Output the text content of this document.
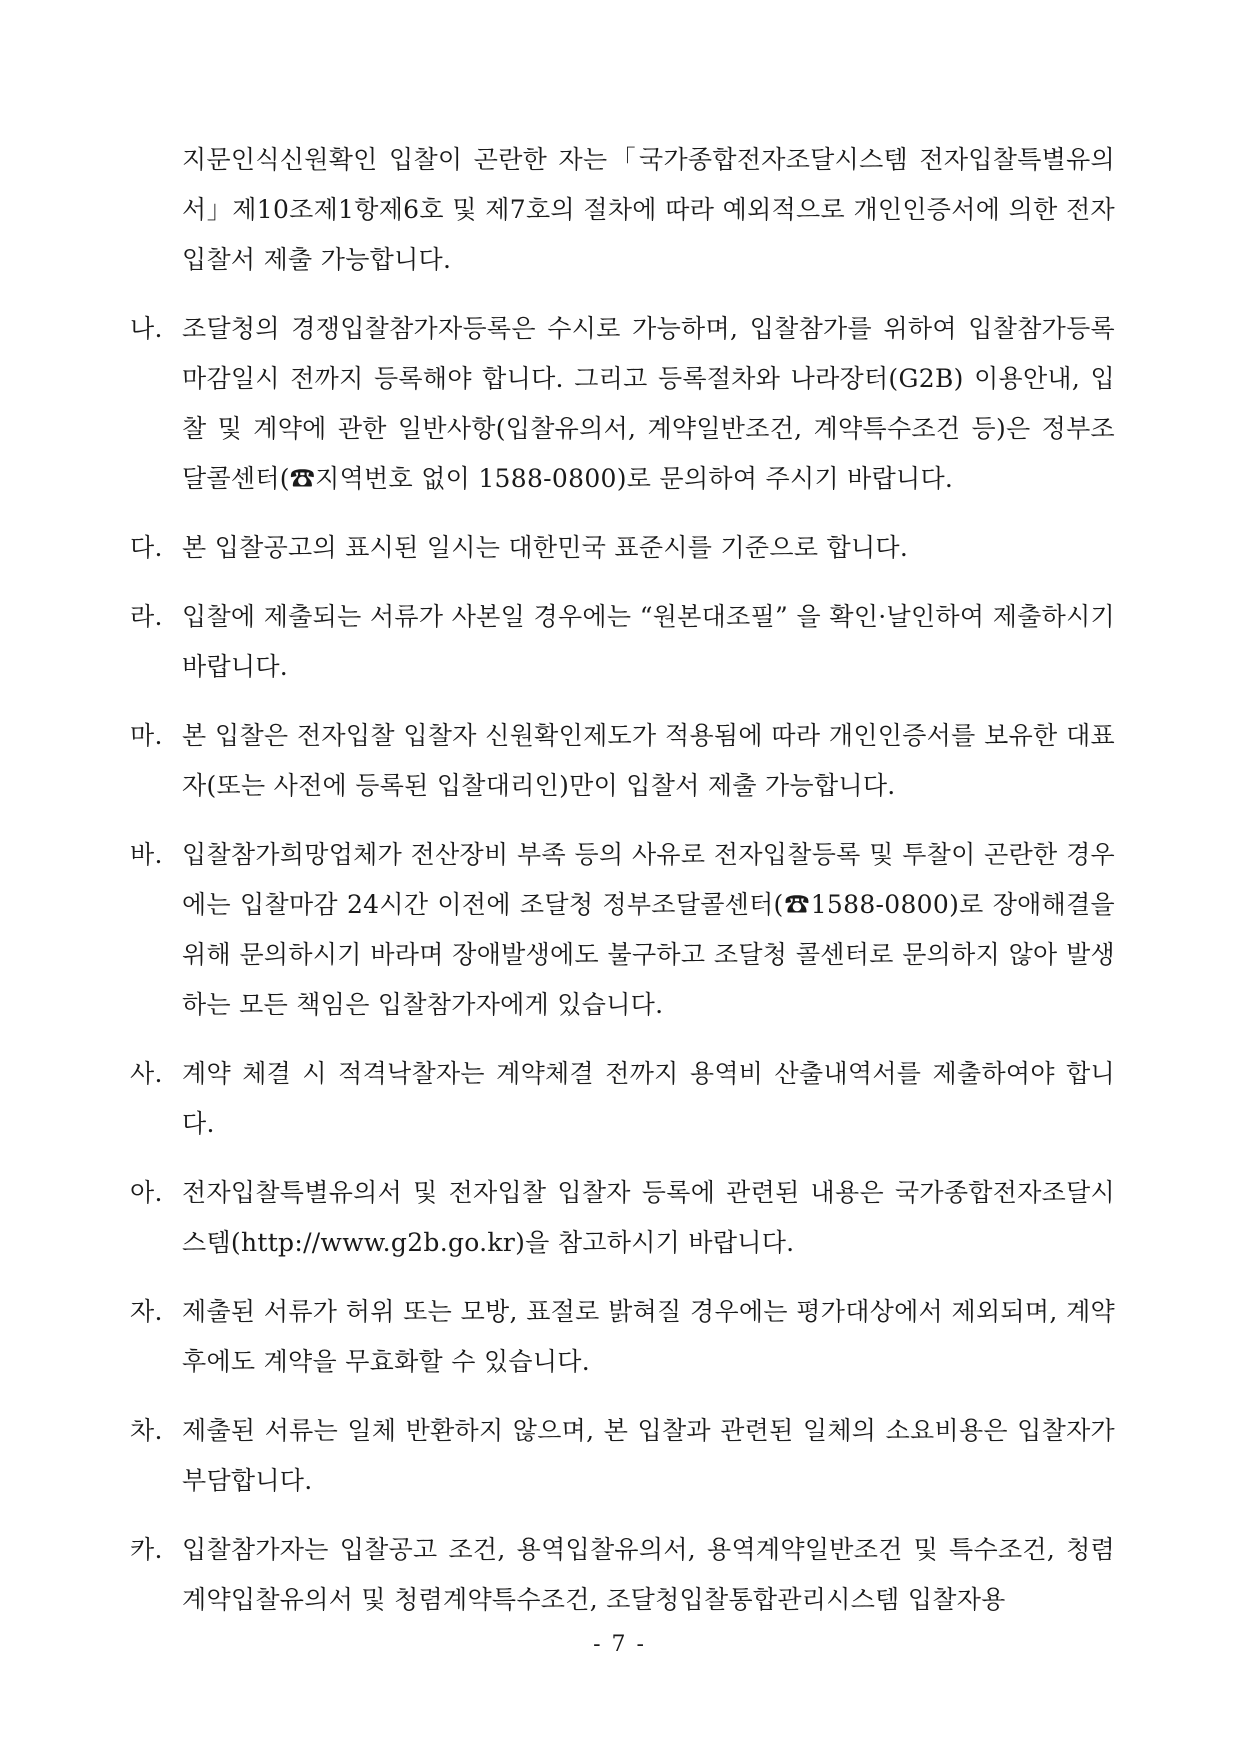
지문인식신원확인 입찰이 곤란한 자는「국가종합전자조달시스템 전자입찰특별유의서」제10조제1항제6호 및 제7호의 절차에 따라 예외적으로 개인인증서에 의한 전자 입찰서 제출 가능합니다.
나. 조달청의 경쟁입찰참가자등록은 수시로 가능하며, 입찰참가를 위하여 입찰참가등록마감일시 전까지 등록해야 합니다. 그리고 등록절차와 나라장터(G2B) 이용안내, 입찰 및 계약에 관한 일반사항(입찰유의서, 계약일반조건, 계약특수조건 등)은 정부조달콜센터(☎지역번호 없이 1588-0800)로 문의하여 주시기 바랍니다.
다. 본 입찰공고의 표시된 일시는 대한민국 표준시를 기준으로 합니다.
라. 입찰에 제출되는 서류가 사본일 경우에는 “원본대조필” 을 확인·날인하여 제출하시기 바랍니다.
마. 본 입찰은 전자입찰 입찰자 신원확인제도가 적용됨에 따라 개인인증서를 보유한 대표자(또는 사전에 등록된 입찰대리인)만이 입찰서 제출 가능합니다.
바. 입찰참가희망업체가 전산장비 부족 등의 사유로 전자입찰등록 및 투찰이 곤란한 경우에는 입찰마감 24시간 이전에 조달청 정부조달콜센터(☎1588-0800)로 장애해결을 위해 문의하시기 바라며 장애발생에도 불구하고 조달청 콜센터로 문의하지 않아 발생하는 모든 책임은 입찰참가자에게 있습니다.
사. 계약 체결 시 적격낙찰자는 계약체결 전까지 용역비 산출내역서를 제출하여야 합니다.
아. 전자입찰특별유의서 및 전자입찰 입찰자 등록에 관련된 내용은 국가종합전자조달시스템(http://www.g2b.go.kr)을 참고하시기 바랍니다.
자. 제출된 서류가 허위 또는 모방, 표절로 밝혀질 경우에는 평가대상에서 제외되며, 계약 후에도 계약을 무효화할 수 있습니다.
차. 제출된 서류는 일체 반환하지 않으며, 본 입찰과 관련된 일체의 소요비용은 입찰자가 부담합니다.
카. 입찰참가자는 입찰공고 조건, 용역입찰유의서, 용역계약일반조건 및 특수조건, 청렴계약입찰유의서 및 청렴계약특수조건, 조달청입찰통합관리시스템 입찰자용
- 7 -
